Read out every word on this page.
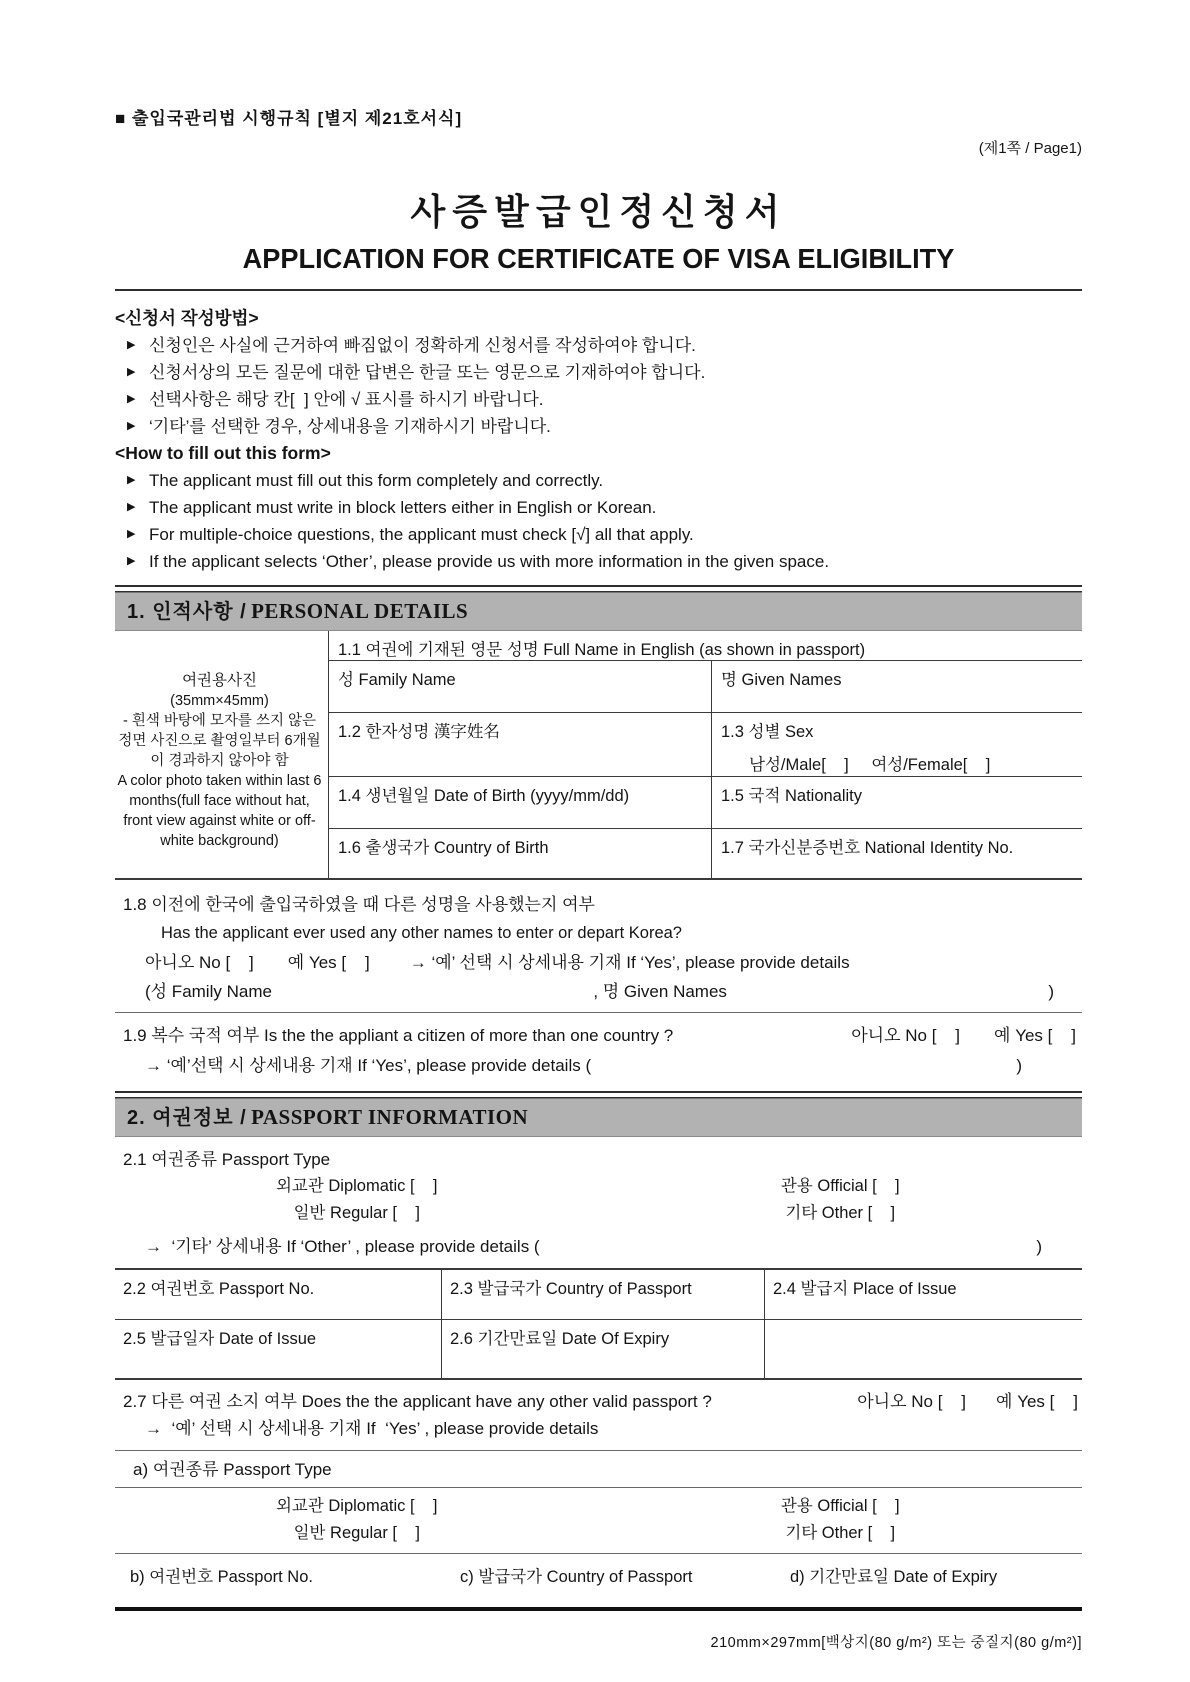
■ 출입국관리법 시행규칙 [별지 제21호서식]
(제1쪽 / Page1)
사증발급인정신청서
APPLICATION FOR CERTIFICATE OF VISA ELIGIBILITY
<신청서 작성방법>
▶ 신청인은 사실에 근거하여 빠짐없이 정확하게 신청서를 작성하여야 합니다.
▶ 신청서상의 모든 질문에 대한 답변은 한글 또는 영문으로 기재하여야 합니다.
▶ 선택사항은 해당 칸[  ] 안에 √ 표시를 하시기 바랍니다.
▶ ‘기타’를 선택한 경우, 상세내용을 기재하시기 바랍니다.
<How to fill out this form>
▶ The applicant must fill out this form completely and correctly.
▶ The applicant must write in block letters either in English or Korean.
▶ For multiple-choice questions, the applicant must check [√] all that apply.
▶ If the applicant selects ‘Other’, please provide us with more information in the given space.
1. 인적사항 / PERSONAL DETAILS
여권용사진
(35mm×45mm)
- 흰색 바탕에 모자를 쓰지 않은 정면 사진으로 촬영일부터 6개월이 경과하지 않아야 함
A color photo taken within last 6 months(full face without hat, front view against white or off-white background)
1.1 여권에 기재된 영문 성명 Full Name in English (as shown in passport)
성 Family Name	명 Given Names
1.2 한자성명 漢字姓名	1.3 성별 Sex
남성/Male[    ] 여성/Female[    ]
1.4 생년월일 Date of Birth (yyyy/mm/dd)	1.5 국적 Nationality
1.6 출생국가 Country of Birth	1.7 국가신분증번호 National Identity No.
1.8 이전에 한국에 출입국하였을 때 다른 성명을 사용했는지 여부
Has the applicant ever used any other names to enter or depart Korea?
아니오 No [    ] 예 Yes [    ] → ‘예’ 선택 시 상세내용 기재 If ‘Yes’, please provide details
(성 Family Name	, 명 Given Names	)
1.9 복수 국적 여부 Is the the appliant a citizen of more than one country ?	아니오 No [    ] 예 Yes [    ]
→ ‘예’선택 시 상세내용 기재 If ‘Yes’, please provide details (	)
2. 여권정보 / PASSPORT INFORMATION
2.1 여권종류 Passport Type
외교관 Diplomatic [    ]	관용 Official [    ]
일반 Regular [    ]	기타 Other [    ]
→  ‘기타’ 상세내용 If ‘Other’ , please provide details (	)
2.2 여권번호 Passport No.	2.3 발급국가 Country of Passport	2.4 발급지 Place of Issue
2.5 발급일자 Date of Issue	2.6 기간만료일 Date Of Expiry
2.7 다른 여권 소지 여부 Does the the applicant have any other valid passport ?	아니오 No [    ] 예 Yes [    ]
→  ‘예’ 선택 시 상세내용 기재 If  ‘Yes’ , please provide details
a) 여권종류 Passport Type
외교관 Diplomatic [    ]	관용 Official [    ]
일반 Regular [    ]	기타 Other [    ]
b) 여권번호 Passport No.	c) 발급국가 Country of Passport	d) 기간만료일 Date of Expiry
210mm×297mm[백상지(80 g/m²) 또는 중질지(80 g/m²)]
